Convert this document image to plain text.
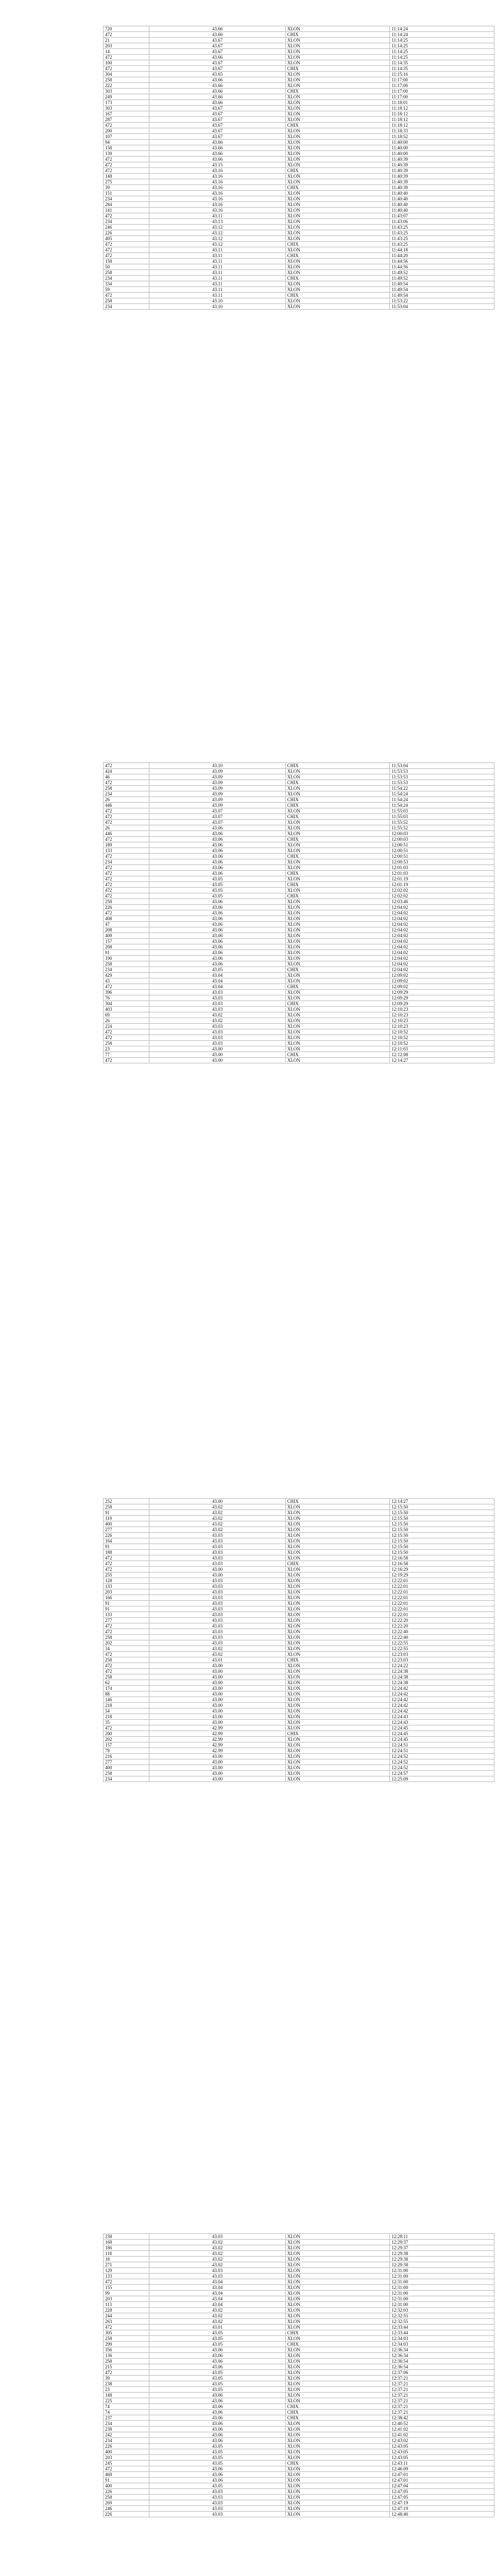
720	43.66	XLON	11:14:24
472	43.66	CHIX	11:14:24
21	43.67	XLON	11:14:25
203	43.67	XLON	11:14:25
14	43.67	XLON	11:14:25
472	43.66	XLON	11:14:25
100	43.67	XLON	11:14:35
472	43.67	CHIX	11:14:35
304	43.65	XLON	11:15:16
258	43.66	XLON	11:17:00
222	43.66	XLON	11:17:00
303	43.66	CHIX	11:17:00
249	43.66	XLON	11:17:00
173	43.66	XLON	11:18:01
303	43.67	XLON	11:18:12
167	43.67	XLON	11:18:12
287	43.67	XLON	11:18:12
472	43.67	CHIX	11:18:12
200	43.67	XLON	11:18:33
107	43.67	XLON	11:18:52
94	43.66	XLON	11:40:00
158	43.66	XLON	11:40:00
139	43.66	XLON	11:40:00
472	43.66	XLON	11:40:39
472	43.15	XLON	11:40:39
472	43.16	CHIX	11:40:39
148	43.16	XLON	11:40:39
275	43.16	XLON	11:40:39
39	43.16	CHIX	11:40:39
151	43.16	XLON	11:40:40
234	43.16	XLON	11:40:40
284	43.16	XLON	11:40:40
141	43.16	XLON	11:40:40
472	43.11	XLON	11:43:07
234	43.13	XLON	11:43:06
246	43.12	XLON	11:43:25
226	43.12	XLON	11:43:25
405	43.12	XLON	11:43:25
472	43.12	CHIX	11:43:25
472	43.11	XLON	11:44:18
472	43.11	CHIX	11:44:20
158	43.11	XLON	11:44:56
50	43.11	XLON	11:44:56
258	43.11	XLON	11:49:52
234	43.11	CHIX	11:49:52
334	43.11	XLON	11:49:54
59	43.11	XLON	11:49:54
472	43.11	CHIX	11:49:54
258	43.10	XLON	11:53:22
234	43.10	XLON	11:53:04
472	43.10	CHIX	11:53:04
424	43.09	XLON	11:53:53
46	43.09	XLON	11:53:53
472	43.09	CHIX	11:53:53
258	43.09	XLON	11:54:22
234	43.09	XLON	11:54:24
26	43.09	CHIX	11:54:24
446	43.09	CHIX	11:54:24
472	43.07	XLON	11:55:03
472	43.07	CHIX	11:55:03
472	43.07	XLON	11:55:52
26	43.06	XLON	11:55:52
446	43.06	XLON	12:00:03
472	43.06	CHIX	12:00:03
189	43.06	XLON	12:00:51
133	43.06	XLON	12:00:51
472	43.06	CHIX	12:00:51
234	43.06	XLON	12:00:53
472	43.06	XLON	12:01:03
472	43.06	CHIX	12:01:03
472	43.05	XLON	12:01:19
472	43.05	CHIX	12:01:19
472	43.05	XLON	12:02:02
472	43.05	CHIX	12:02:02
258	43.06	XLON	12:03:46
226	43.06	XLON	12:04:02
472	43.06	XLON	12:04:02
408	43.06	XLON	12:04:02
47	43.06	XLON	12:04:02
208	43.06	XLON	12:04:02
409	43.06	XLON	12:04:02
157	43.06	XLON	12:04:02
208	43.06	XLON	12:04:02
91	43.06	XLON	12:04:02
190	43.06	XLON	12:04:02
258	43.06	XLON	12:04:02
234	43.05	CHIX	12:04:02
429	43.04	XLON	12:09:02
43	43.04	XLON	12:09:02
472	43.04	CHIX	12:09:02
396	43.03	XLON	12:09:29
76	43.03	XLON	12:09:29
304	43.03	CHIX	12:09:29
403	43.03	XLON	12:10:23
69	43.02	XLON	12:10:23
26	43.02	XLON	12:10:23
224	43.03	XLON	12:10:23
472	43.03	XLON	12:10:52
472	43.03	XLON	12:10:52
258	43.03	XLON	12:10:52
23	43.00	XLON	12:11:03
77	43.00	CHIX	12:12:08
472	43.00	XLON	12:14:27
252	43.00	CHIX	12:14:27
258	43.02	XLON	12:15:50
91	43.02	XLON	12:15:50
119	43.02	XLON	12:15:50
400	43.02	XLON	12:15:50
277	43.02	XLON	12:15:50
226	43.03	XLON	12:15:50
164	43.03	XLON	12:15:50
91	43.03	XLON	12:15:50
188	43.03	XLON	12:15:50
472	43.03	XLON	12:16:58
472	43.03	CHIX	12:16:58
472	43.00	XLON	12:16:29
255	43.00	XLON	12:19:29
128	43.03	XLON	12:22:01
133	43.03	XLON	12:22:01
203	43.03	XLON	12:22:01
166	43.03	XLON	12:22:01
91	43.03	XLON	12:22:01
91	43.03	XLON	12:22:01
133	43.03	XLON	12:22:01
277	43.03	XLON	12:22:20
472	43.03	XLON	12:22:20
472	43.03	XLON	12:22:40
258	43.03	XLON	12:22:40
202	43.03	XLON	12:22:55
34	43.02	XLON	12:22:55
472	43.02	XLON	12:23:03
258	43.01	CHIX	12:23:03
472	43.00	XLON	12:24:22
472	43.00	XLON	12:24:38
258	43.00	XLON	12:24:38
62	43.00	XLON	12:24:38
174	43.00	XLON	12:24:42
88	43.00	XLON	12:24:42
146	43.00	XLON	12:24:42
218	43.00	XLON	12:24:42
54	43.00	XLON	12:24:42
218	43.00	XLON	12:24:43
35	43.00	XLON	12:24:43
472	42.99	XLON	12:24:45
200	42.99	CHIX	12:24:45
202	42.99	XLON	12:24:45
157	42.99	XLON	12:24:51
79	42.99	XLON	12:24:51
216	43.00	XLON	12:24:52
277	43.00	XLON	12:24:52
400	43.00	XLON	12:24:52
258	43.00	XLON	12:24:57
234	43.00	XLON	12:25:09
238	43.03	XLON	12:28:11
168	43.02	XLON	12:29:37
186	43.02	XLON	12:29:37
118	43.02	XLON	12:29:38
18	43.02	XLON	12:29:38
271	43.02	XLON	12:29:38
129	43.03	XLON	12:31:00
133	43.03	XLON	12:31:00
472	43.04	XLON	12:31:00
155	43.04	XLON	12:31:00
99	43.04	XLON	12:31:00
203	43.04	XLON	12:31:00
113	43.04	XLON	12:31:00
228	43.02	XLON	12:32:03
244	43.02	XLON	12:32:55
263	43.02	XLON	12:32:55
472	43.01	XLON	12:33:44
305	43.05	CHIX	12:33:44
258	43.05	XLON	12:34:03
299	43.05	CHIX	12:34:03
356	43.06	XLON	12:36:34
136	43.06	XLON	12:36:34
258	43.06	XLON	12:36:54
215	43.06	XLON	12:36:54
472	43.05	XLON	12:37:06
39	43.05	XLON	12:37:21
238	43.05	XLON	12:37:21
23	43.05	XLON	12:37:21
148	43.06	XLON	12:37:21
225	43.06	XLON	12:37:21
74	43.06	CHIX	12:37:21
74	43.06	CHIX	12:37:21
237	43.06	CHIX	12:38:42
234	43.06	XLON	12:40:52
238	43.06	XLON	12:41:02
242	43.06	XLON	12:41:02
234	43.06	XLON	12:43:02
226	43.05	XLON	12:43:05
400	43.05	XLON	12:43:05
203	43.05	XLON	12:43:05
245	43.05	CHIX	12:43:11
472	43.06	XLON	12:46:09
469	43.06	XLON	12:47:01
91	43.06	XLON	12:47:01
400	43.05	XLON	12:47:04
226	43.03	XLON	12:47:05
258	43.03	XLON	12:47:05
269	43.03	XLON	12:47:19
246	43.03	XLON	12:47:19
226	43.03	XLON	12:48:40
